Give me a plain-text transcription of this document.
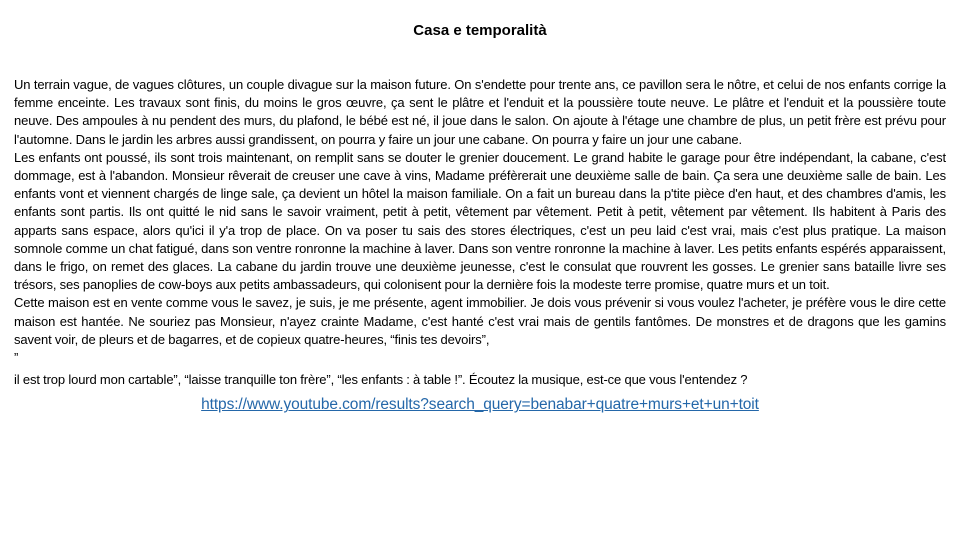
Casa e temporalità

Un terrain vague, de vagues clôtures, un couple divague sur la maison future. On s'endette pour trente ans, ce pavillon sera le nôtre, et celui de nos enfants corrige la femme enceinte. Les travaux sont finis, du moins le gros œuvre, ça sent le plâtre et l'enduit et la poussière toute neuve. Le plâtre et l'enduit et la poussière toute neuve. Des ampoules à nu pendent des murs, du plafond, le bébé est né, il joue dans le salon. On ajoute à l'étage une chambre de plus, un petit frère est prévu pour l'automne. Dans le jardin les arbres aussi grandissent, on pourra y faire un jour une cabane. On pourra y faire un jour une cabane.

Les enfants ont poussé, ils sont trois maintenant, on remplit sans se douter le grenier doucement. Le grand habite le garage pour être indépendant, la cabane, c'est dommage, est à l'abandon. Monsieur rêverait de creuser une cave à vins, Madame préfèrerait une deuxième salle de bain. Ça sera une deuxième salle de bain. Les enfants vont et viennent chargés de linge sale, ça devient un hôtel la maison familiale. On a fait un bureau dans la p'tite pièce d'en haut, et des chambres d'amis, les enfants sont partis. Ils ont quitté le nid sans le savoir vraiment, petit à petit, vêtement par vêtement. Petit à petit, vêtement par vêtement. Ils habitent à Paris des apparts sans espace, alors qu'ici il y'a trop de place. On va poser tu sais des stores électriques, c'est un peu laid c'est vrai, mais c'est plus pratique. La maison somnole comme un chat fatigué, dans son ventre ronronne la machine à laver. Dans son ventre ronronne la machine à laver. Les petits enfants espérés apparaissent, dans le frigo, on remet des glaces. La cabane du jardin trouve une deuxième jeunesse, c'est le consulat que rouvrent les gosses. Le grenier sans bataille livre ses trésors, ses panoplies de cow-boys aux petits ambassadeurs, qui colonisent pour la dernière fois la modeste terre promise, quatre murs et un toit.

Cette maison est en vente comme vous le savez, je suis, je me présente, agent immobilier. Je dois vous prévenir si vous voulez l'acheter, je préfère vous le dire cette maison est hantée. Ne souriez pas Monsieur, n'ayez crainte Madame, c'est hanté c'est vrai mais de gentils fantômes. De monstres et de dragons que les gamins savent voir, de pleurs et de bagarres, et de copieux quatre-heures, “finis tes devoirs”,

”

il est trop lourd mon cartable”, “laisse tranquille ton frère”, “les enfants : à table !”. Écoutez la musique, est-ce que vous l'entendez ?

https://www.youtube.com/results?search_query=benabar+quatre+murs+et+un+toit
